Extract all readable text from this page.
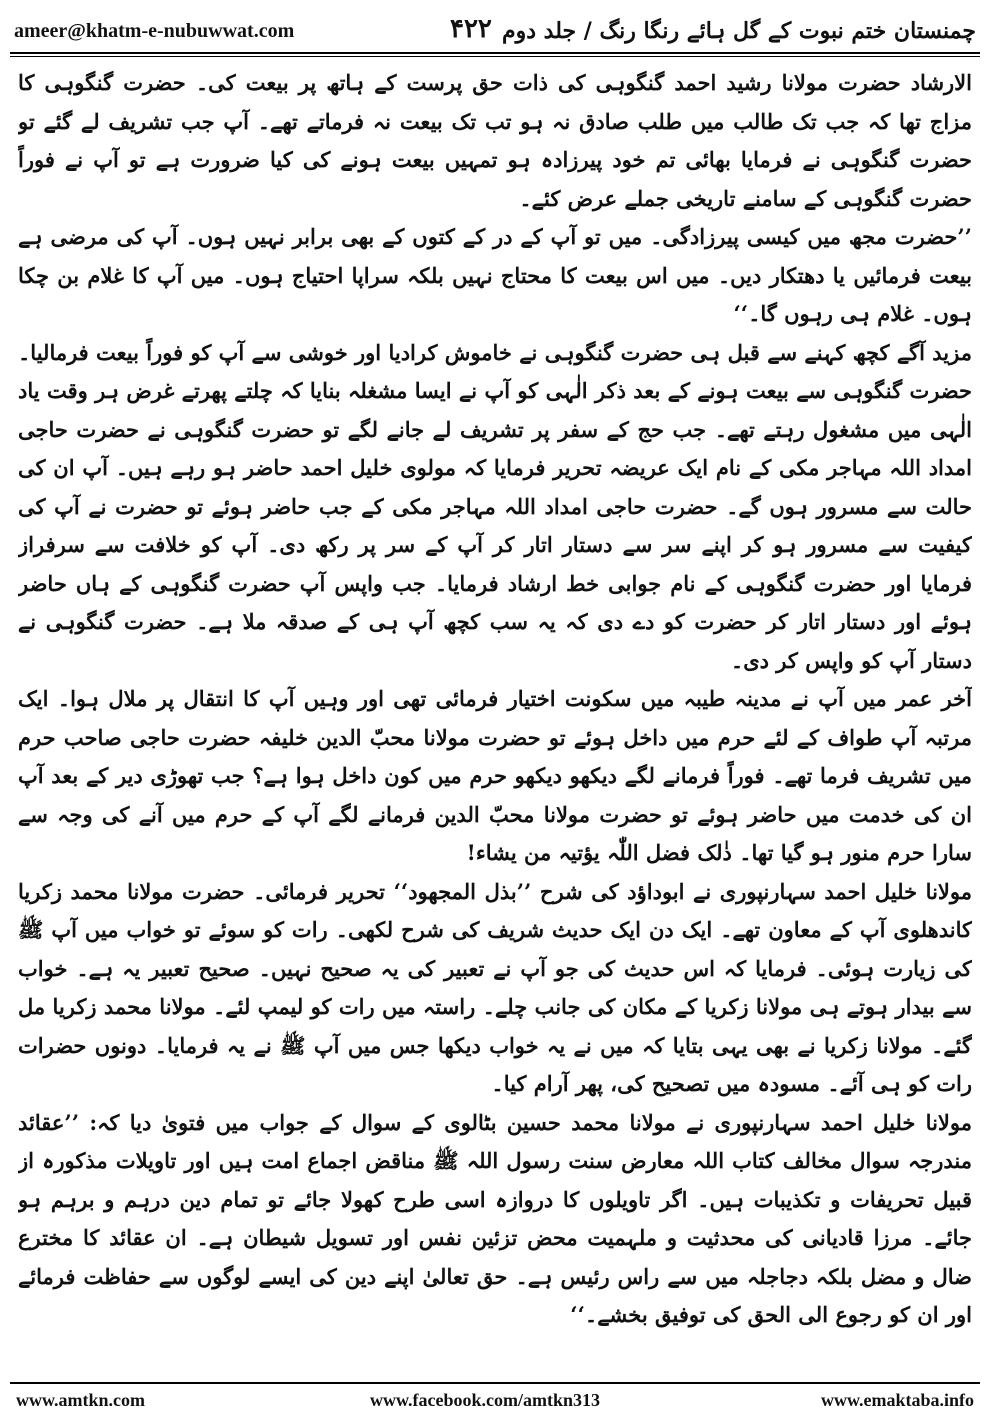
ameer@khatm-e-nubuwwat.com	۴۲۲ چمنستان ختم نبوت کے گل ہائے رنگا رنگ / جلد دوم

الارشاد حضرت مولانا رشید احمد گنگوہی کی ذات حق پرست کے ہاتھ پر بیعت کی۔ حضرت گنگوہی کا مزاج تھا کہ جب تک طالب میں طلب صادق نہ ہو تب تک بیعت نہ فرماتے تھے۔ آپ جب تشریف لے گئے تو حضرت گنگوہی نے فرمایا بھائی تم خود پیرزادہ ہو تمہیں بیعت ہونے کی کیا ضرورت ہے تو آپ نے فوراً حضرت گنگوہی کے سامنے تاریخی جملے عرض کئے۔

’’حضرت مجھ میں کیسی پیرزادگی۔ میں تو آپ کے در کے کتوں کے بھی برابر نہیں ہوں۔ آپ کی مرضی ہے بیعت فرمائیں یا دھتکار دیں۔ میں اس بیعت کا محتاج نہیں بلکہ سراپا احتیاج ہوں۔ میں آپ کا غلام بن چکا ہوں۔ غلام ہی رہوں گا۔‘‘

مزید آگے کچھ کہنے سے قبل ہی حضرت گنگوہی نے خاموش کرادیا اور خوشی سے آپ کو فوراً بیعت فرمالیا۔ حضرت گنگوہی سے بیعت ہونے کے بعد ذکر الٰہی کو آپ نے ایسا مشغلہ بنایا کہ چلتے پھرتے غرض ہر وقت یاد الٰہی میں مشغول رہتے تھے۔ جب حج کے سفر پر تشریف لے جانے لگے تو حضرت گنگوہی نے حضرت حاجی امداد اللہ مہاجر مکی کے نام ایک عریضہ تحریر فرمایا کہ مولوی خلیل احمد حاضر ہو رہے ہیں۔ آپ ان کی حالت سے مسرور ہوں گے۔ حضرت حاجی امداد اللہ مہاجر مکی کے جب حاضر ہوئے تو حضرت نے آپ کی کیفیت سے مسرور ہو کر اپنے سر سے دستار اتار کر آپ کے سر پر رکھ دی۔ آپ کو خلافت سے سرفراز فرمایا اور حضرت گنگوہی کے نام جوابی خط ارشاد فرمایا۔ جب واپس آپ حضرت گنگوہی کے ہاں حاضر ہوئے اور دستار اتار کر حضرت کو دے دی کہ یہ سب کچھ آپ ہی کے صدقہ ملا ہے۔ حضرت گنگوہی نے دستار آپ کو واپس کر دی۔

آخر عمر میں آپ نے مدینہ طیبہ میں سکونت اختیار فرمائی تھی اور وہیں آپ کا انتقال پر ملال ہوا۔ ایک مرتبہ آپ طواف کے لئے حرم میں داخل ہوئے تو حضرت مولانا محبّ الدین خلیفہ حضرت حاجی صاحب حرم میں تشریف فرما تھے۔ فوراً فرمانے لگے دیکھو دیکھو حرم میں کون داخل ہوا ہے؟ جب تھوڑی دیر کے بعد آپ ان کی خدمت میں حاضر ہوئے تو حضرت مولانا محبّ الدین فرمانے لگے آپ کے حرم میں آنے کی وجہ سے سارا حرم منور ہو گیا تھا۔ ذٰلک فضل اللّٰہ یؤتیہ من یشاء!

مولانا خلیل احمد سہارنپوری نے ابوداؤد کی شرح ’’بذل المجھود‘‘ تحریر فرمائی۔ حضرت مولانا محمد زکریا کاندھلوی آپ کے معاون تھے۔ ایک دن ایک حدیث شریف کی شرح لکھی۔ رات کو سوئے تو خواب میں آپ ﷺ کی زیارت ہوئی۔ فرمایا کہ اس حدیث کی جو آپ نے تعبیر کی یہ صحیح نہیں۔ صحیح تعبیر یہ ہے۔ خواب سے بیدار ہوتے ہی مولانا زکریا کے مکان کی جانب چلے۔ راستہ میں رات کو لیمپ لئے۔ مولانا محمد زکریا مل گئے۔ مولانا زکریا نے بھی یہی بتایا کہ میں نے یہ خواب دیکھا جس میں آپ ﷺ نے یہ فرمایا۔ دونوں حضرات رات کو ہی آئے۔ مسودہ میں تصحیح کی، پھر آرام کیا۔

مولانا خلیل احمد سہارنپوری نے مولانا محمد حسین بٹالوی کے سوال کے جواب میں فتویٰ دیا کہ: ’’عقائد مندرجہ سوال مخالف کتاب اللہ معارض سنت رسول اللہ ﷺ مناقض اجماع امت ہیں اور تاویلات مذکورہ از قبیل تحریفات و تکذیبات ہیں۔ اگر تاویلوں کا دروازہ اسی طرح کھولا جائے تو تمام دین درہم و برہم ہو جائے۔ مرزا قادیانی کی محدثیت و ملہمیت محض تزئین نفس اور تسویل شیطان ہے۔ ان عقائد کا مخترع ضال و مضل بلکہ دجاجلہ میں سے راس رئیس ہے۔ حق تعالیٰ اپنے دین کی ایسے لوگوں سے حفاظت فرمائے اور ان کو رجوع الی الحق کی توفیق بخشے۔‘‘

www.amtkn.com	www.facebook.com/amtkn313	www.emaktaba.info
